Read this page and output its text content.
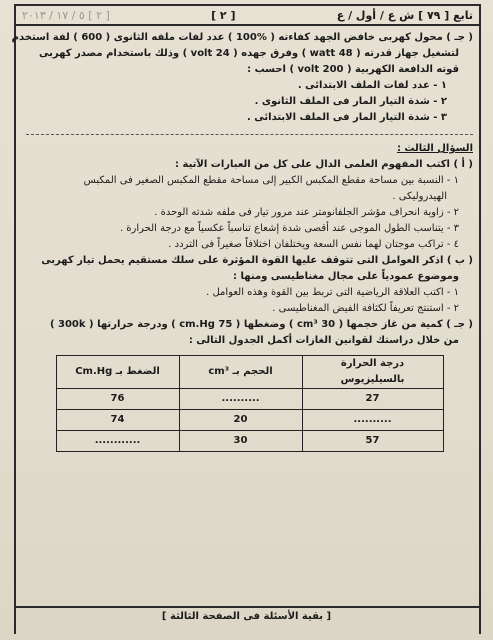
تابع [ ٧٩ ] ش ع / أول / ع
[ ٢ ]
[ ٢ ] ٥ / ١٧ / ٢٠١٣
( جـ ) محول كهربى خافض الجهد كفاءته ( %100 ) عدد لفات ملفه الثانوى ( 600 ) لفة استخدم
لتشغيل جهاز قدرته ( 48 watt ) وفرق جهده ( 24 volt ) وذلك باستخدام مصدر كهربى
قوته الدافعة الكهربية ( 200 volt ) احسب :
١ - عدد لفات الملف الابتدائى .
٢ - شدة التيار المار فى الملف الثانوى .
٣ - شدة التيار المار فى الملف الابتدائى .
السؤال الثالث :
( أ ) اكتب المفهوم العلمى الدال على كل من العبارات الآتية :
١ - النسبة بين مساحة مقطع المكبس الكبير إلى مساحة مقطع المكبس الصغير فى المكبس
الهيدروليكى .
٢ - زاوية انحراف مؤشر الجلفانومتر عند مرور تيار فى ملفه شدته الوحدة .
٣ - يتناسب الطول الموجى عند أقصى شدة إشعاع تناسباً عكسياً مع درجة الحرارة .
٤ - تراكب موجتان لهما نفس السعة ويختلفان اختلافاً صغيراً فى التردد .
( ب ) اذكر العوامل التى تتوقف عليها القوة المؤثرة على سلك مستقيم يحمل تيار كهربى
وموضوع عمودياً على مجال مغناطيسى ومنها :
١ - اكتب العلاقة الرياضية التى تربط بين القوة وهذه العوامل .
٢ - استنتج تعريفاً لكثافة الفيض المغناطيسى .
( جـ ) كمية من غاز حجمها ( 30 cm³ ) وضغطها ( 75 cm.Hg ) ودرجة حرارتها ( 300k )
من خلال دراستك لقوانين الغازات أكمل الجدول التالى :
درجة الحرارة بالسيليزيوس	الحجم بـ cm³	الضغط بـ Cm.Hg
27	..........	76
..........	20	74
57	30	............
[ بقية الأسئلة فى الصفحة الثالثة ]
